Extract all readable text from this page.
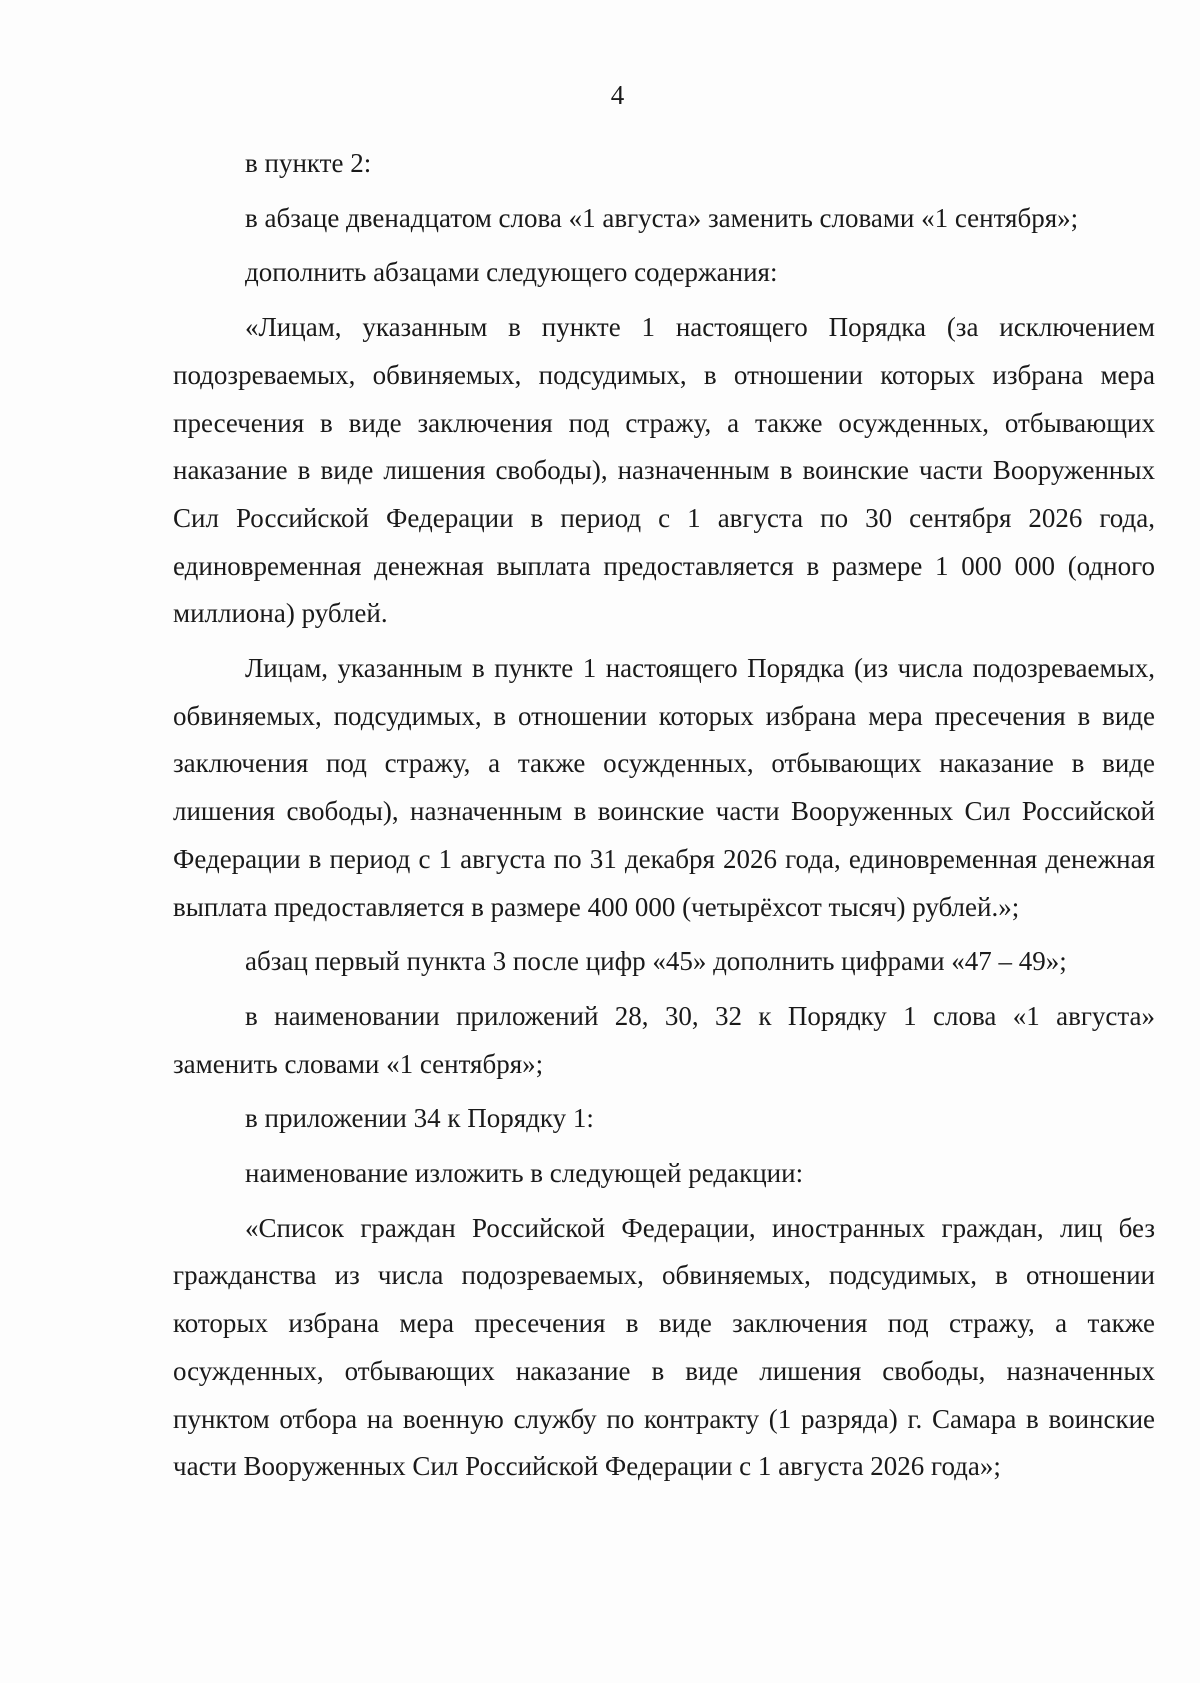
4

в пункте 2:

в абзаце двенадцатом слова «1 августа» заменить словами «1 сентября»;

дополнить абзацами следующего содержания:

«Лицам, указанным в пункте 1 настоящего Порядка (за исключением подозреваемых, обвиняемых, подсудимых, в отношении которых избрана мера пресечения в виде заключения под стражу, а также осужденных, отбывающих наказание в виде лишения свободы), назначенным в воинские части Вооруженных Сил Российской Федерации в период с 1 августа по 30 сентября 2026 года, единовременная денежная выплата предоставляется в размере 1 000 000 (одного миллиона) рублей.

Лицам, указанным в пункте 1 настоящего Порядка (из числа подозреваемых, обвиняемых, подсудимых, в отношении которых избрана мера пресечения в виде заключения под стражу, а также осужденных, отбывающих наказание в виде лишения свободы), назначенным в воинские части Вооруженных Сил Российской Федерации в период с 1 августа по 31 декабря 2026 года, единовременная денежная выплата предоставляется в размере 400 000 (четырёхсот тысяч) рублей.»;

абзац первый пункта 3 после цифр «45» дополнить цифрами «47 – 49»;

в наименовании приложений 28, 30, 32 к Порядку 1 слова «1 августа» заменить словами «1 сентября»;

в приложении 34 к Порядку 1:

наименование изложить в следующей редакции:

«Список граждан Российской Федерации, иностранных граждан, лиц без гражданства из числа подозреваемых, обвиняемых, подсудимых, в отношении которых избрана мера пресечения в виде заключения под стражу, а также осужденных, отбывающих наказание в виде лишения свободы, назначенных пунктом отбора на военную службу по контракту (1 разряда) г. Самара в воинские части Вооруженных Сил Российской Федерации с 1 августа 2026 года»;
